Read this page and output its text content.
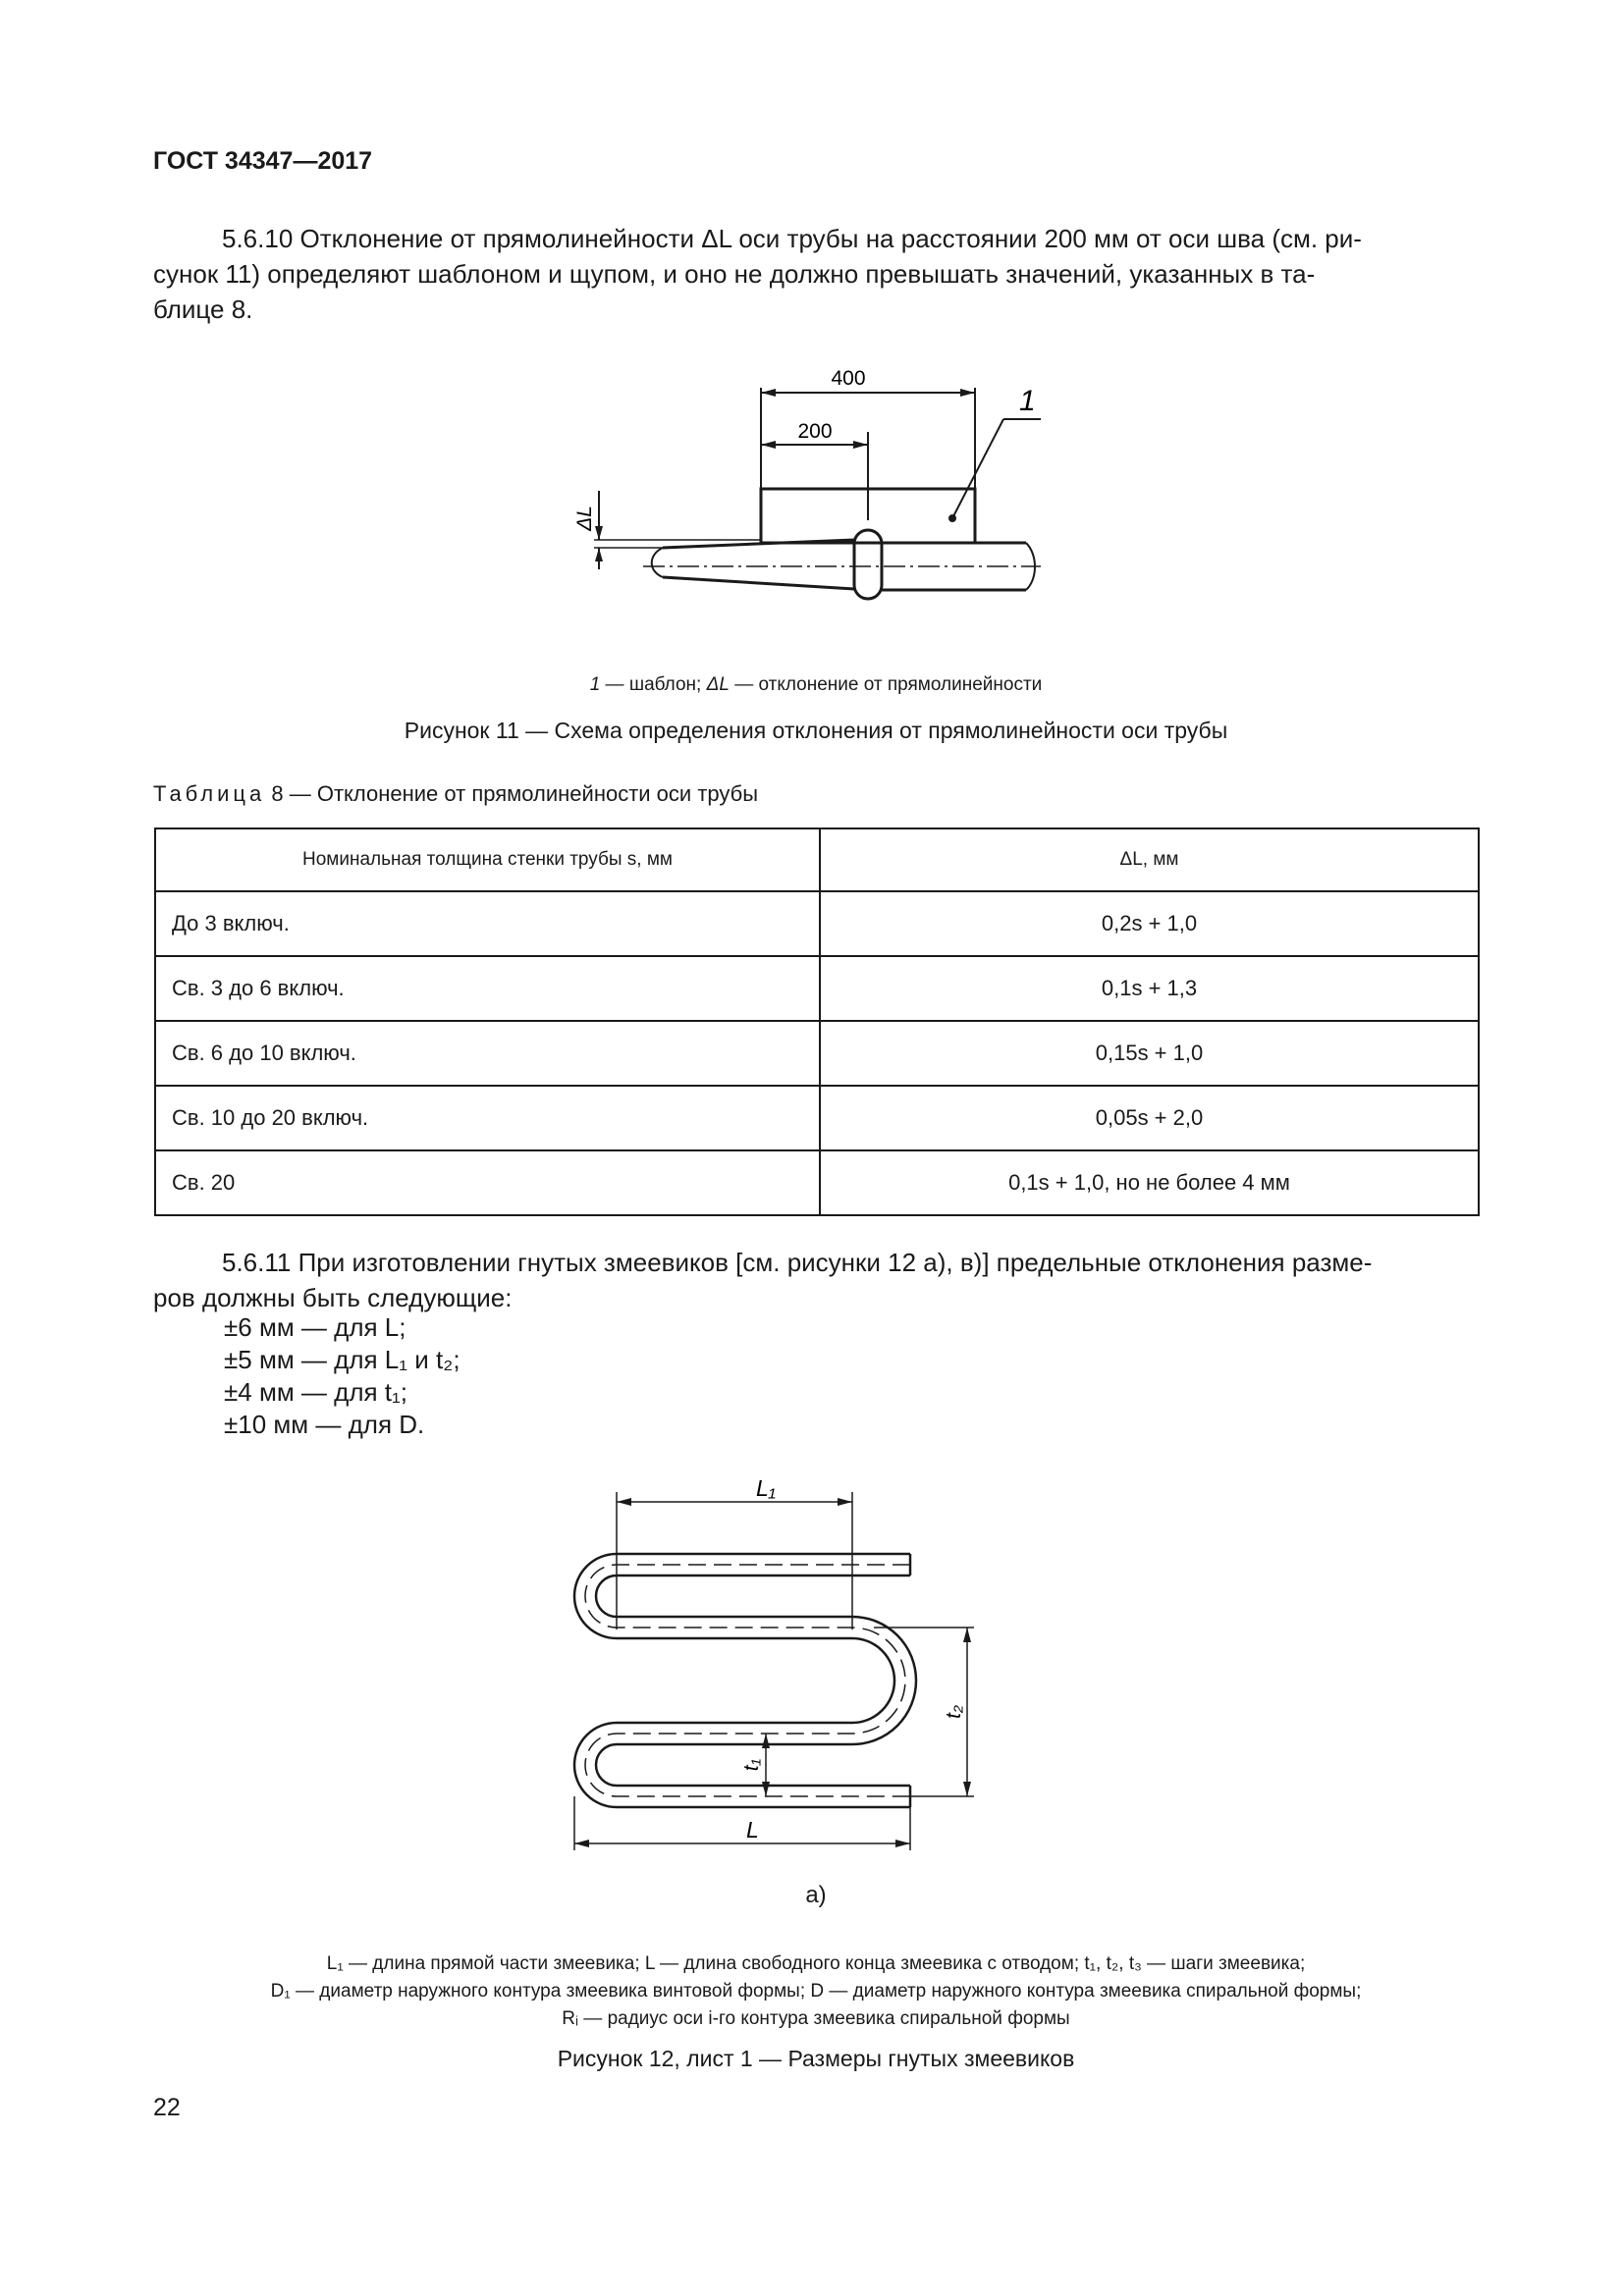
ГОСТ 34347—2017

5.6.10 Отклонение от прямолинейности ΔL оси трубы на расстоянии 200 мм от оси шва (см. ри-

сунок 11) определяют шаблоном и щупом, и оно не должно превышать значений, указанных в та-

блице 8.

400
200
1
ΔL
1 — шаблон; ΔL — отклонение от прямолинейности
Рисунок 11 — Схема определения отклонения от прямолинейности оси трубы
Таблица 8 — Отклонение от прямолинейности оси трубы
Номинальная толщина стенки трубы s, мм	ΔL, мм
До 3 включ.	0,2s + 1,0
Св. 3 до 6 включ.	0,1s + 1,3
Св. 6 до 10 включ.	0,15s + 1,0
Св. 10 до 20 включ.	0,05s + 2,0
Св. 20	0,1s + 1,0, но не более 4 мм

5.6.11 При изготовлении гнутых змеевиков [см. рисунки 12 а), в)] предельные отклонения разме-

ров должны быть следующие:

±6 мм — для L;
±5 мм — для L₁ и t₂;
±4 мм — для t₁;
±10 мм — для D.
L₁
L
t₂
t₁
а)
L₁ — длина прямой части змеевика; L — длина свободного конца змеевика с отводом; t₁, t₂, t₃ — шаги змеевика;
D₁ — диаметр наружного контура змеевика винтовой формы; D — диаметр наружного контура змеевика спиральной формы;
Rᵢ — радиус оси i-го контура змеевика спиральной формы
Рисунок 12, лист 1 — Размеры гнутых змеевиков
22
